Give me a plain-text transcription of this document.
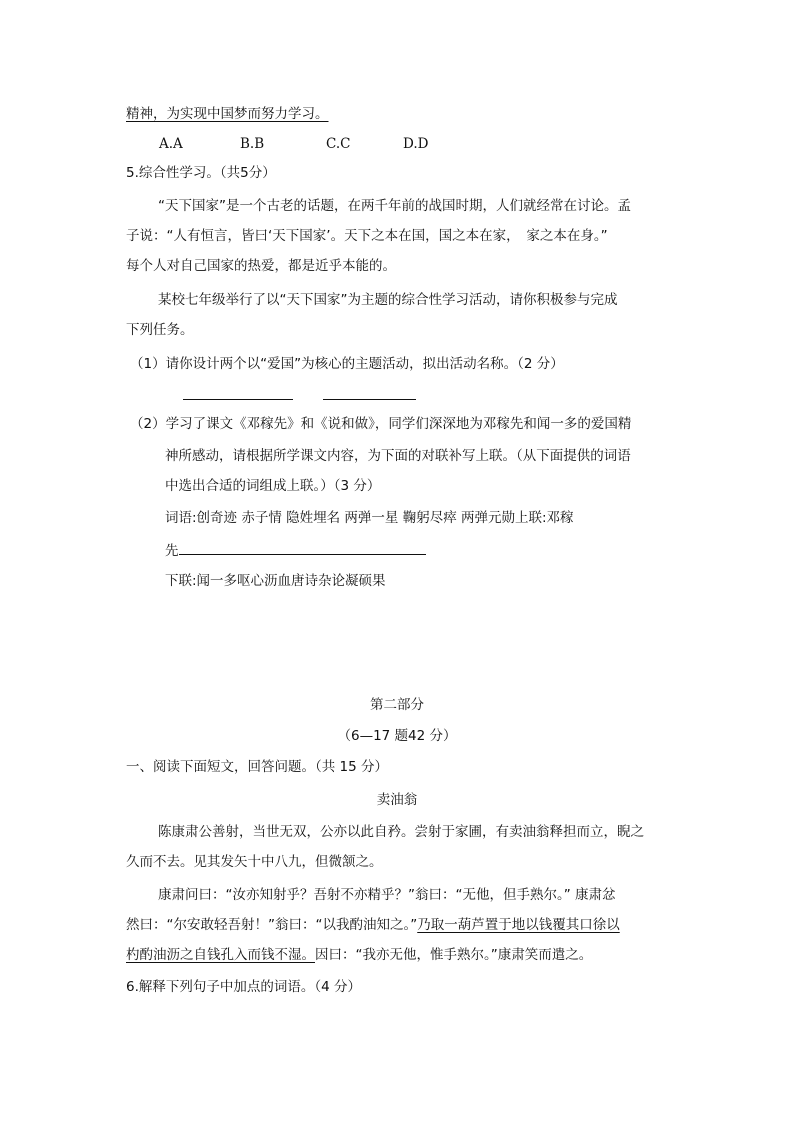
精神，为实现中国梦而努力学习。

A.A	B.B	C.C	D.D

5.综合性学习。（共5分）

“天下国家”是一个古老的话题，在两千年前的战国时期，人们就经常在讨论。孟

子说：“人有恒言，皆曰‘天下国家’。天下之本在国，国之本在家，　家之本在身。”

每个人对自己国家的热爱，都是近乎本能的。

某校七年级举行了以“天下国家”为主题的综合性学习活动，请你积极参与完成

下列任务。

（1）请你设计两个以“爱国”为核心的主题活动，拟出活动名称。（2 分）

（2）学习了课文《邓稼先》和《说和做》，同学们深深地为邓稼先和闻一多的爱国精

神所感动，请根据所学课文内容，为下面的对联补写上联。（从下面提供的词语

中选出合适的词组成上联。）（3 分）

词语:创奇迹 赤子情 隐姓埋名 两弹一星 鞠躬尽瘁 两弹元勋上联:邓稼

先

下联:闻一多呕心沥血唐诗杂论凝硕果

第二部分

（6—17 题42 分）

一、阅读下面短文，回答问题。（共 15 分）

卖油翁

陈康肃公善射，当世无双，公亦以此自矜。尝射于家圃，有卖油翁释担而立，睨之

久而不去。见其发矢十中八九，但微颔之。

康肃问曰：“汝亦知射乎？吾射不亦精乎？”翁曰：“无他，但手熟尔。” 康肃忿

然曰：“尔安敢轻吾射！”翁曰：“以我酌油知之。”乃取一葫芦置于地以钱覆其口徐以

杓酌油沥之自钱孔入而钱不湿。因曰：“我亦无他，惟手熟尔。”康肃笑而遣之。

6.解释下列句子中加点的词语。（4 分）
